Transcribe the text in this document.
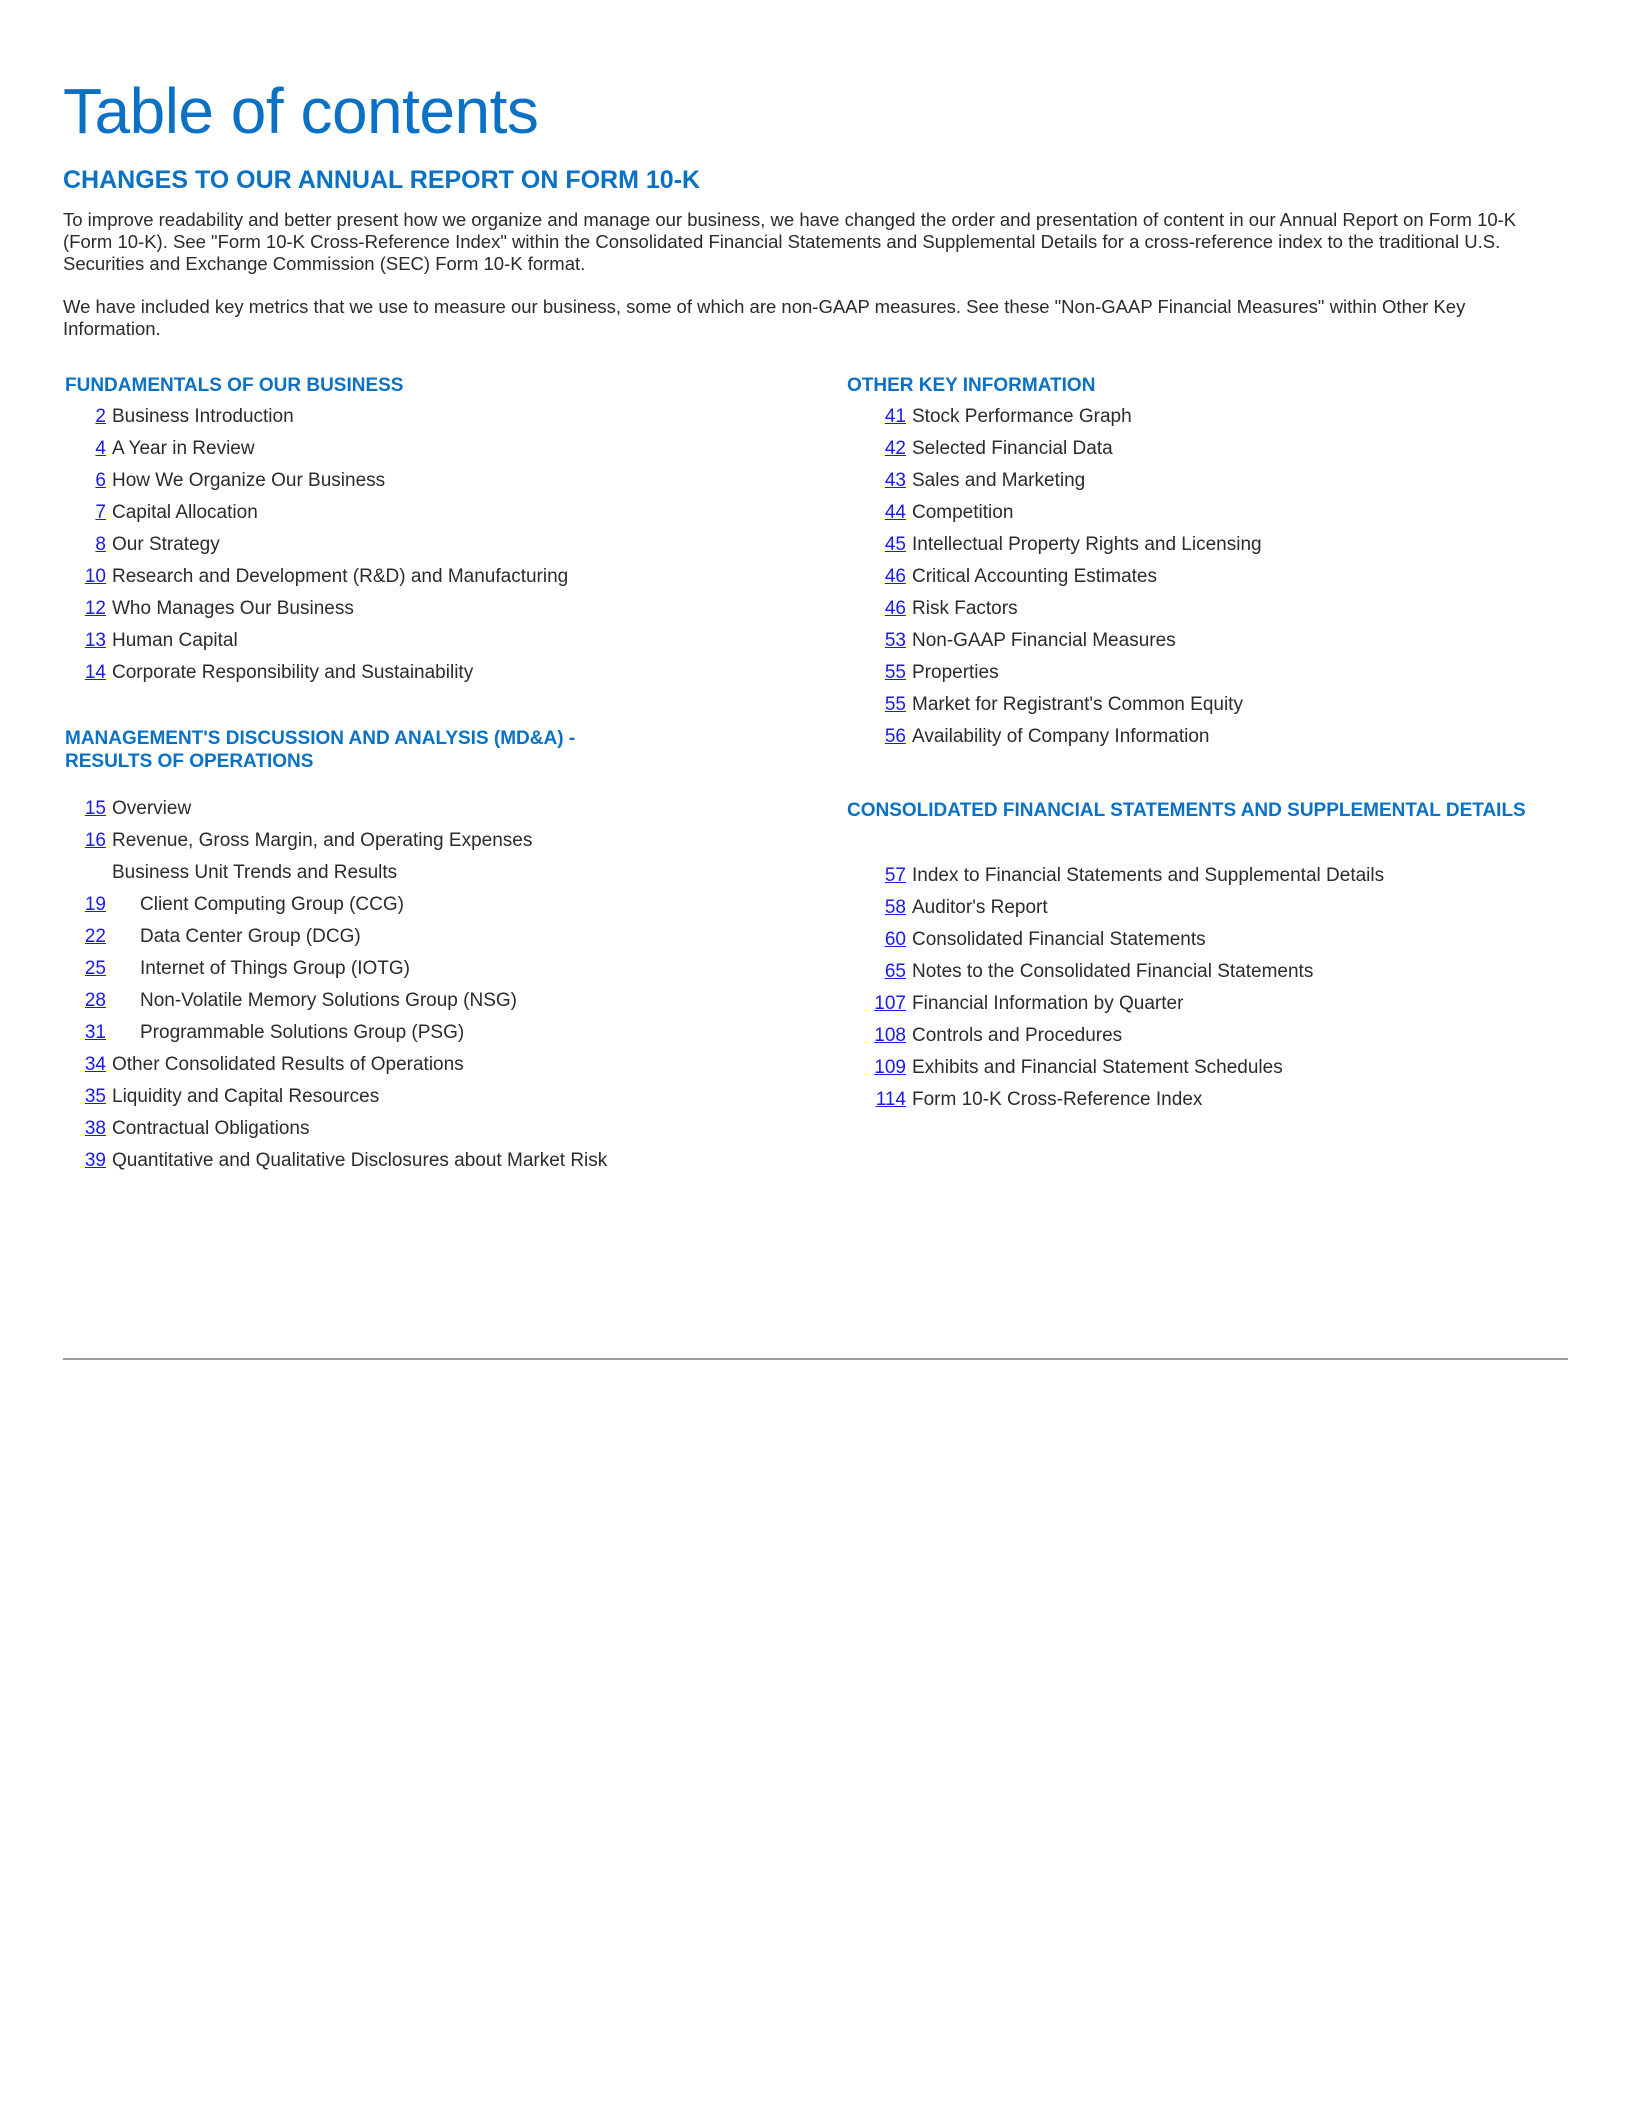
Table of contents
CHANGES TO OUR ANNUAL REPORT ON FORM 10-K

To improve readability and better present how we organize and manage our business, we have changed the order and presentation of content in our Annual Report on Form 10-K (Form 10-K). See "Form 10-K Cross-Reference Index" within the Consolidated Financial Statements and Supplemental Details for a cross-reference index to the traditional U.S. Securities and Exchange Commission (SEC) Form 10-K format.

We have included key metrics that we use to measure our business, some of which are non-GAAP measures. See these "Non-GAAP Financial Measures" within Other Key Information.

FUNDAMENTALS OF OUR BUSINESS
2 Business Introduction
4 A Year in Review
6 How We Organize Our Business
7 Capital Allocation
8 Our Strategy
10 Research and Development (R&D) and Manufacturing
12 Who Manages Our Business
13 Human Capital
14 Corporate Responsibility and Sustainability
MANAGEMENT'S DISCUSSION AND ANALYSIS (MD&A) - RESULTS OF OPERATIONS
15 Overview
16 Revenue, Gross Margin, and Operating Expenses
Business Unit Trends and Results
19	Client Computing Group (CCG)
22	Data Center Group (DCG)
25	Internet of Things Group (IOTG)
28	Non-Volatile Memory Solutions Group (NSG)
31	Programmable Solutions Group (PSG)
34 Other Consolidated Results of Operations
35 Liquidity and Capital Resources
38 Contractual Obligations
39 Quantitative and Qualitative Disclosures about Market Risk
OTHER KEY INFORMATION
41 Stock Performance Graph
42 Selected Financial Data
43 Sales and Marketing
44 Competition
45 Intellectual Property Rights and Licensing
46 Critical Accounting Estimates
46 Risk Factors
53 Non-GAAP Financial Measures
55 Properties
55 Market for Registrant's Common Equity
56 Availability of Company Information
CONSOLIDATED FINANCIAL STATEMENTS AND SUPPLEMENTAL DETAILS
57 Index to Financial Statements and Supplemental Details
58 Auditor's Report
60 Consolidated Financial Statements
65 Notes to the Consolidated Financial Statements
107 Financial Information by Quarter
108 Controls and Procedures
109 Exhibits and Financial Statement Schedules
114 Form 10-K Cross-Reference Index
